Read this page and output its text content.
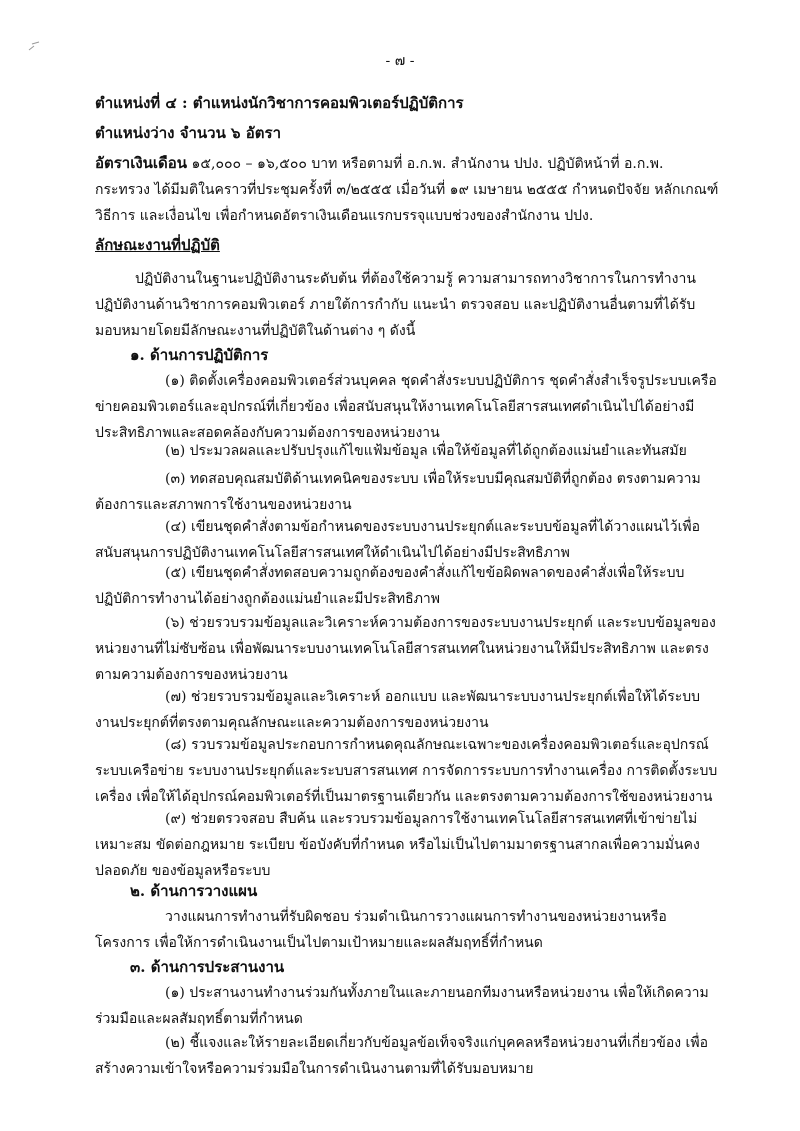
- ๗ -
ตำแหน่งที่ ๔ : ตำแหน่งนักวิชาการคอมพิวเตอร์ปฏิบัติการ
ตำแหน่งว่าง จำนวน ๖ อัตรา
อัตราเงินเดือน ๑๕,๐๐๐ – ๑๖,๕๐๐ บาท หรือตามที่ อ.ก.พ. สำนักงาน ปปง. ปฏิบัติหน้าที่ อ.ก.พ. กระทรวง ได้มีมติในคราวที่ประชุมครั้งที่ ๓/๒๕๕๕ เมื่อวันที่ ๑๙ เมษายน ๒๕๕๕ กำหนดปัจจัย หลักเกณฑ์ วิธีการ และเงื่อนไข เพื่อกำหนดอัตราเงินเดือนแรกบรรจุแบบช่วงของสำนักงาน ปปง.
ลักษณะงานที่ปฏิบัติ
ปฏิบัติงานในฐานะปฏิบัติงานระดับต้น ที่ต้องใช้ความรู้ ความสามารถทางวิชาการในการทำงาน ปฏิบัติงานด้านวิชาการคอมพิวเตอร์ ภายใต้การกำกับ แนะนำ ตรวจสอบ และปฏิบัติงานอื่นตามที่ได้รับมอบหมายโดยมีลักษณะงานที่ปฏิบัติในด้านต่าง ๆ ดังนี้
๑. ด้านการปฏิบัติการ
(๑) ติดตั้งเครื่องคอมพิวเตอร์ส่วนบุคคล ชุดคำสั่งระบบปฏิบัติการ ชุดคำสั่งสำเร็จรูประบบเครือข่ายคอมพิวเตอร์และอุปกรณ์ที่เกี่ยวข้อง เพื่อสนับสนุนให้งานเทคโนโลยีสารสนเทศดำเนินไปได้อย่างมีประสิทธิภาพและสอดคล้องกับความต้องการของหน่วยงาน
(๒) ประมวลผลและปรับปรุงแก้ไขแฟ้มข้อมูล เพื่อให้ข้อมูลที่ได้ถูกต้องแม่นยำและทันสมัย
(๓) ทดสอบคุณสมบัติด้านเทคนิคของระบบ เพื่อให้ระบบมีคุณสมบัติที่ถูกต้อง ตรงตามความต้องการและสภาพการใช้งานของหน่วยงาน
(๔) เขียนชุดคำสั่งตามข้อกำหนดของระบบงานประยุกต์และระบบข้อมูลที่ได้วางแผนไว้เพื่อสนับสนุนการปฏิบัติงานเทคโนโลยีสารสนเทศให้ดำเนินไปได้อย่างมีประสิทธิภาพ
(๕) เขียนชุดคำสั่งทดสอบความถูกต้องของคำสั่งแก้ไขข้อผิดพลาดของคำสั่งเพื่อให้ระบบปฏิบัติการทำงานได้อย่างถูกต้องแม่นยำและมีประสิทธิภาพ
(๖) ช่วยรวบรวมข้อมูลและวิเคราะห์ความต้องการของระบบงานประยุกต์ และระบบข้อมูลของหน่วยงานที่ไม่ซับซ้อน เพื่อพัฒนาระบบงานเทคโนโลยีสารสนเทศในหน่วยงานให้มีประสิทธิภาพ และตรงตามความต้องการของหน่วยงาน
(๗) ช่วยรวบรวมข้อมูลและวิเคราะห์ ออกแบบ และพัฒนาระบบงานประยุกต์เพื่อให้ได้ระบบงานประยุกต์ที่ตรงตามคุณลักษณะและความต้องการของหน่วยงาน
(๘) รวบรวมข้อมูลประกอบการกำหนดคุณลักษณะเฉพาะของเครื่องคอมพิวเตอร์และอุปกรณ์ระบบเครือข่าย ระบบงานประยุกต์และระบบสารสนเทศ การจัดการระบบการทำงานเครื่อง การติดตั้งระบบเครื่อง เพื่อให้ได้อุปกรณ์คอมพิวเตอร์ที่เป็นมาตรฐานเดียวกัน และตรงตามความต้องการใช้ของหน่วยงาน
(๙) ช่วยตรวจสอบ สืบค้น และรวบรวมข้อมูลการใช้งานเทคโนโลยีสารสนเทศที่เข้าข่ายไม่เหมาะสม ขัดต่อกฎหมาย ระเบียบ ข้อบังคับที่กำหนด หรือไม่เป็นไปตามมาตรฐานสากลเพื่อความมั่นคงปลอดภัย ของข้อมูลหรือระบบ
๒. ด้านการวางแผน
วางแผนการทำงานที่รับผิดชอบ ร่วมดำเนินการวางแผนการทำงานของหน่วยงานหรือโครงการ เพื่อให้การดำเนินงานเป็นไปตามเป้าหมายและผลสัมฤทธิ์ที่กำหนด
๓. ด้านการประสานงาน
(๑) ประสานงานทำงานร่วมกันทั้งภายในและภายนอกทีมงานหรือหน่วยงาน เพื่อให้เกิดความร่วมมือและผลสัมฤทธิ์ตามที่กำหนด
(๒) ชี้แจงและให้รายละเอียดเกี่ยวกับข้อมูลข้อเท็จจริงแก่บุคคลหรือหน่วยงานที่เกี่ยวข้อง เพื่อสร้างความเข้าใจหรือความร่วมมือในการดำเนินงานตามที่ได้รับมอบหมาย
